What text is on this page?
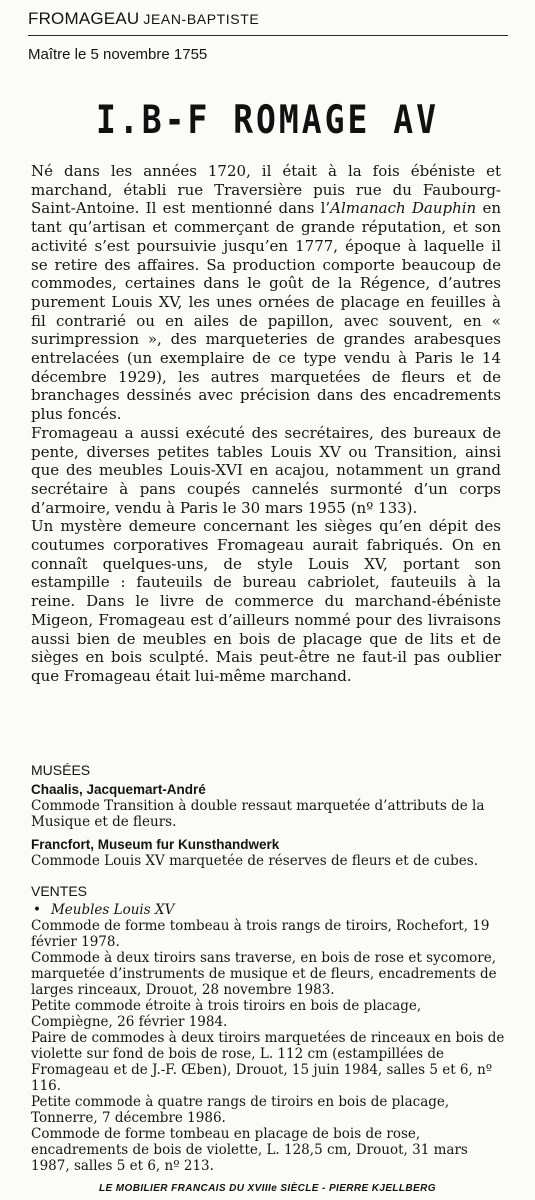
FROMAGEAU JEAN-BAPTISTE
Maître le 5 novembre 1755
I.B-F ROMAGE AV

Né dans les années 1720, il était à la fois ébéniste et marchand, établi rue Traversière puis rue du Faubourg-Saint-Antoine. Il est mentionné dans l’Almanach Dauphin en tant qu’artisan et commerçant de grande réputation, et son activité s’est poursuivie jusqu’en 1777, époque à laquelle il se retire des affaires. Sa production comporte beaucoup de commodes, certaines dans le goût de la Régence, d’autres purement Louis XV, les unes ornées de placage en feuilles à fil contrarié ou en ailes de papillon, avec souvent, en « surimpression », des marqueteries de grandes arabesques entrelacées (un exemplaire de ce type vendu à Paris le 14 décembre 1929), les autres marquetées de fleurs et de branchages dessinés avec précision dans des encadrements plus foncés.

Fromageau a aussi exécuté des secrétaires, des bureaux de pente, diverses petites tables Louis XV ou Transition, ainsi que des meubles Louis-XVI en acajou, notamment un grand secrétaire à pans coupés cannelés surmonté d’un corps d’armoire, vendu à Paris le 30 mars 1955 (nº 133).

Un mystère demeure concernant les sièges qu’en dépit des coutumes corporatives Fromageau aurait fabriqués. On en connaît quelques-uns, de style Louis XV, portant son estampille : fauteuils de bureau cabriolet, fauteuils à la reine. Dans le livre de commerce du marchand-ébéniste Migeon, Fromageau est d’ailleurs nommé pour des livraisons aussi bien de meubles en bois de placage que de lits et de sièges en bois sculpté. Mais peut-être ne faut-il pas oublier que Fromageau était lui-même marchand.

MUSÉES
Chaalis, Jacquemart-André
Commode Transition à double ressaut marquetée d’attributs de la Musique et de fleurs.
Francfort, Museum fur Kunsthandwerk
Commode Louis XV marquetée de réserves de fleurs et de cubes.
VENTES
• Meubles Louis XV

Commode de forme tombeau à trois rangs de tiroirs, Rochefort, 19 février 1978.

Commode à deux tiroirs sans traverse, en bois de rose et sycomore, marquetée d’instruments de musique et de fleurs, encadrements de larges rinceaux, Drouot, 28 novembre 1983.

Petite commode étroite à trois tiroirs en bois de placage, Compiègne, 26 février 1984.

Paire de commodes à deux tiroirs marquetées de rinceaux en bois de violette sur fond de bois de rose, L. 112 cm (estampillées de Fromageau et de J.-F. Œben), Drouot, 15 juin 1984, salles 5 et 6, nº 116.

Petite commode à quatre rangs de tiroirs en bois de placage, Tonnerre, 7 décembre 1986.

Commode de forme tombeau en placage de bois de rose, encadrements de bois de violette, L. 128,5 cm, Drouot, 31 mars 1987, salles 5 et 6, nº 213.

LE MOBILIER FRANCAIS DU XVIIIe SIÈCLE - PIERRE KJELLBERG
